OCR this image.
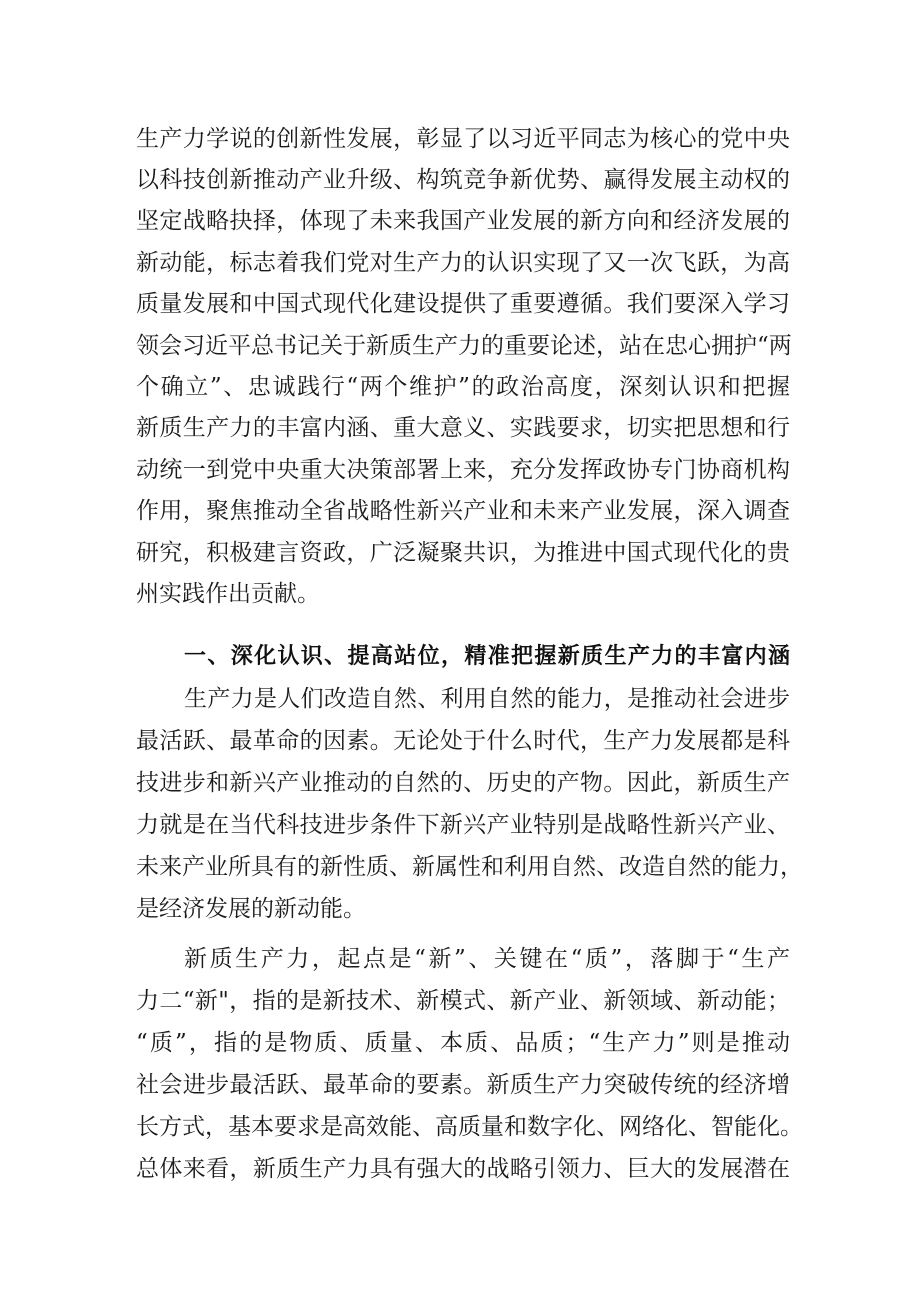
生产力学说的创新性发展，彰显了以习近平同志为核心的党中央
以科技创新推动产业升级、构筑竞争新优势、赢得发展主动权的
坚定战略抉择，体现了未来我国产业发展的新方向和经济发展的
新动能，标志着我们党对生产力的认识实现了又一次飞跃，为高
质量发展和中国式现代化建设提供了重要遵循。我们要深入学习
领会习近平总书记关于新质生产力的重要论述，站在忠心拥护“两
个确立”、忠诚践行“两个维护”的政治高度，深刻认识和把握
新质生产力的丰富内涵、重大意义、实践要求，切实把思想和行
动统一到党中央重大决策部署上来，充分发挥政协专门协商机构
作用，聚焦推动全省战略性新兴产业和未来产业发展，深入调查
研究，积极建言资政，广泛凝聚共识，为推进中国式现代化的贵
州实践作出贡献。
一、深化认识、提高站位，精准把握新质生产力的丰富内涵
生产力是人们改造自然、利用自然的能力，是推动社会进步
最活跃、最革命的因素。无论处于什么时代，生产力发展都是科
技进步和新兴产业推动的自然的、历史的产物。因此，新质生产
力就是在当代科技进步条件下新兴产业特别是战略性新兴产业、
未来产业所具有的新性质、新属性和利用自然、改造自然的能力，
是经济发展的新动能。
新质生产力，起点是“新”、关键在“质”，落脚于“生产
力二“新"，指的是新技术、新模式、新产业、新领域、新动能；
“质”，指的是物质、质量、本质、品质；“生产力”则是推动
社会进步最活跃、最革命的要素。新质生产力突破传统的经济增
长方式，基本要求是高效能、高质量和数字化、网络化、智能化。
总体来看，新质生产力具有强大的战略引领力、巨大的发展潜在
